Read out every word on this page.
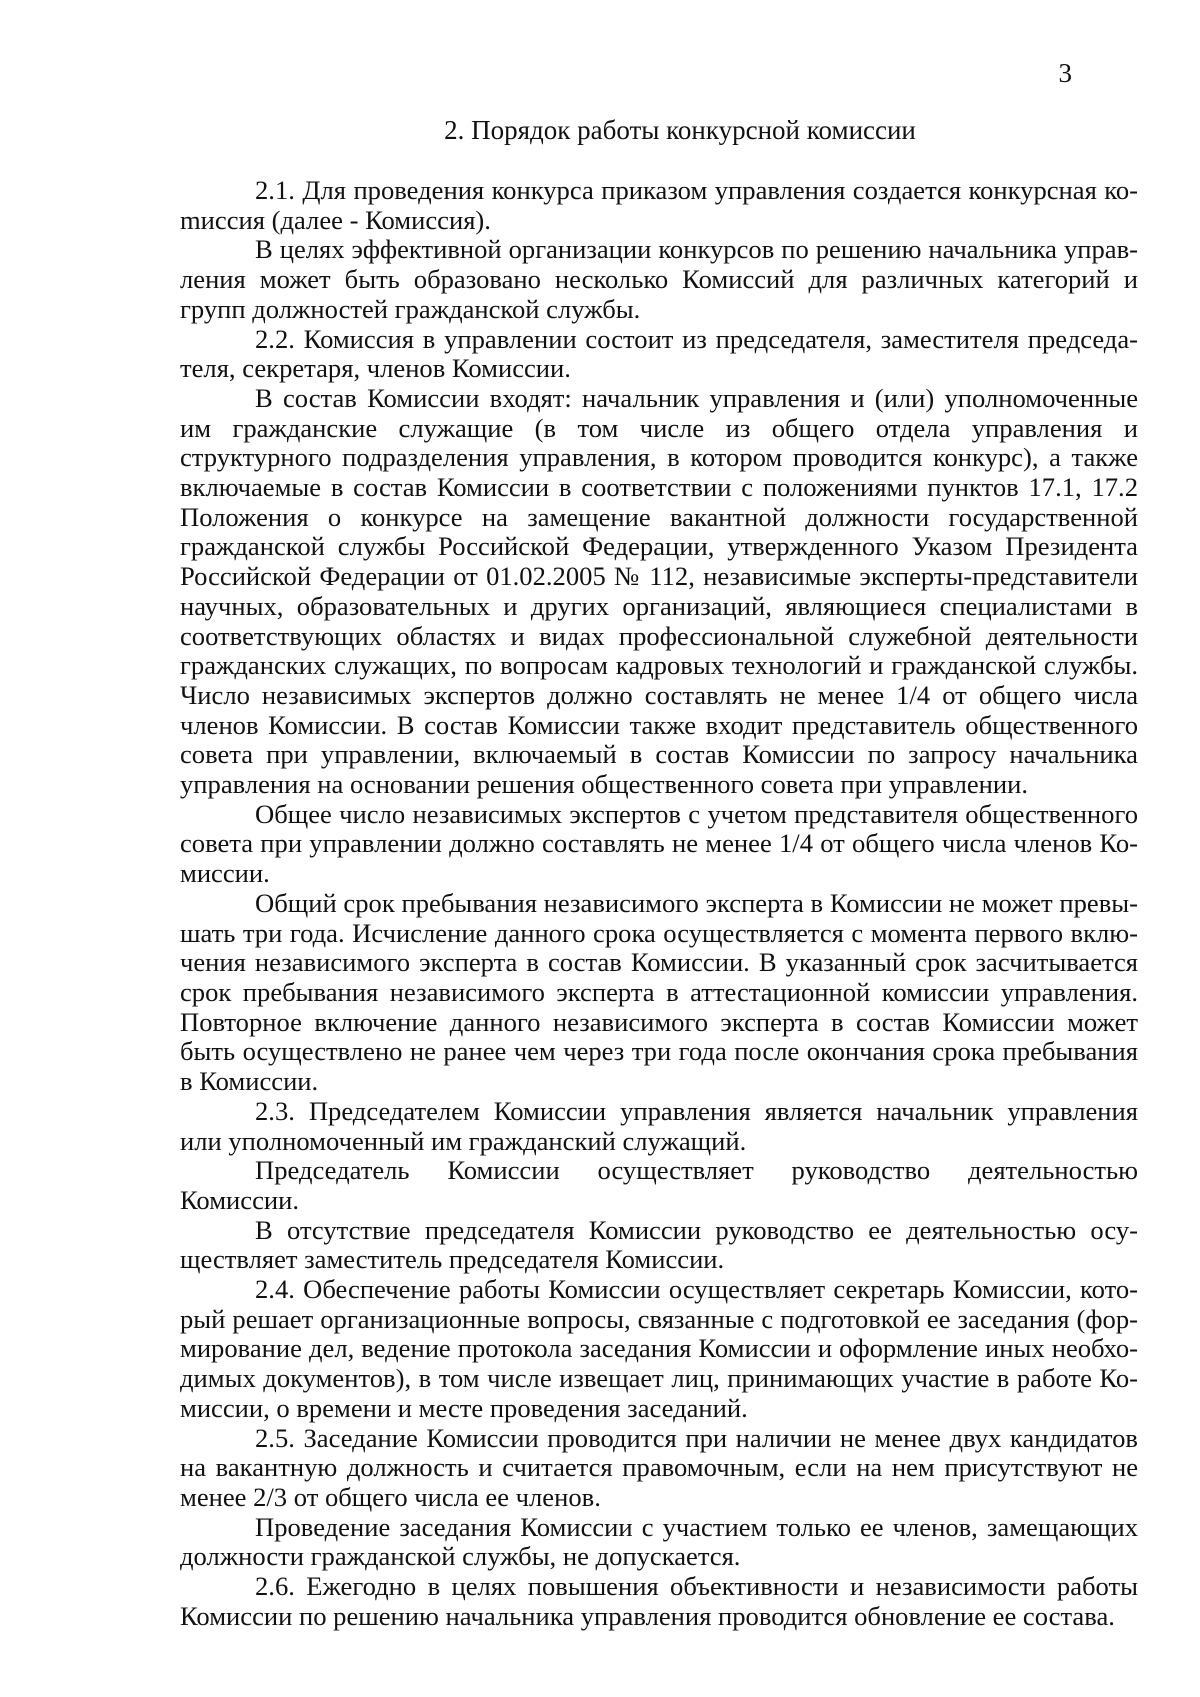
3
2. Порядок работы конкурсной комиссии

2.1. Для проведения конкурса приказом управления создается конкурсная коmиссия (далее - Комиссия).

В целях эффективной организации конкурсов по решению начальника управления может быть образовано несколько Комиссий для различных категорий и групп должностей гражданской службы.

2.2. Комиссия в управлении состоит из председателя, заместителя председателя, секретаря, членов Комиссии.

В состав Комиссии входят: начальник управления и (или) уполномоченные им гражданские служащие (в том числе из общего отдела управления и структурного подразделения управления, в котором проводится конкурс), а также включаемые в состав Комиссии в соответствии с положениями пунктов 17.1, 17.2 Положения о конкурсе на замещение вакантной должности государственной гражданской службы Российской Федерации, утвержденного Указом Президента Российской Федерации от 01.02.2005 № 112, независимые эксперты-представители научных, образовательных и других организаций, являющиеся специалистами в соответствующих областях и видах профессиональной служебной деятельности гражданских служащих, по вопросам кадровых технологий и гражданской службы. Число независимых экспертов должно составлять не менее 1/4 от общего числа членов Комиссии. В состав Комиссии также входит представитель общественного совета при управлении, включаемый в состав Комиссии по запросу начальника управления на основании решения общественного совета при управлении.

Общее число независимых экспертов с учетом представителя общественного совета при управлении должно составлять не менее 1/4 от общего числа членов Комиссии.

Общий срок пребывания независимого эксперта в Комиссии не может превышать три года. Исчисление данного срока осуществляется с момента первого включения независимого эксперта в состав Комиссии. В указанный срок засчитывается срок пребывания независимого эксперта в аттестационной комиссии управления. Повторное включение данного независимого эксперта в состав Комиссии может быть осуществлено не ранее чем через три года после окончания срока пребывания в Комиссии.

2.3. Председателем Комиссии управления является начальник управления или уполномоченный им гражданский служащий.

Председатель Комиссии осуществляет руководство деятельностью Комиссии.

В отсутствие председателя Комиссии руководство ее деятельностью осуществляет заместитель председателя Комиссии.

2.4. Обеспечение работы Комиссии осуществляет секретарь Комиссии, который решает организационные вопросы, связанные с подготовкой ее заседания (формирование дел, ведение протокола заседания Комиссии и оформление иных необходимых документов), в том числе извещает лиц, принимающих участие в работе Комиссии, о времени и месте проведения заседаний.

2.5. Заседание Комиссии проводится при наличии не менее двух кандидатов на вакантную должность и считается правомочным, если на нем присутствуют не менее 2/3 от общего числа ее членов.

Проведение заседания Комиссии с участием только ее членов, замещающих должности гражданской службы, не допускается.

2.6. Ежегодно в целях повышения объективности и независимости работы Комиссии по решению начальника управления проводится обновление ее состава.
